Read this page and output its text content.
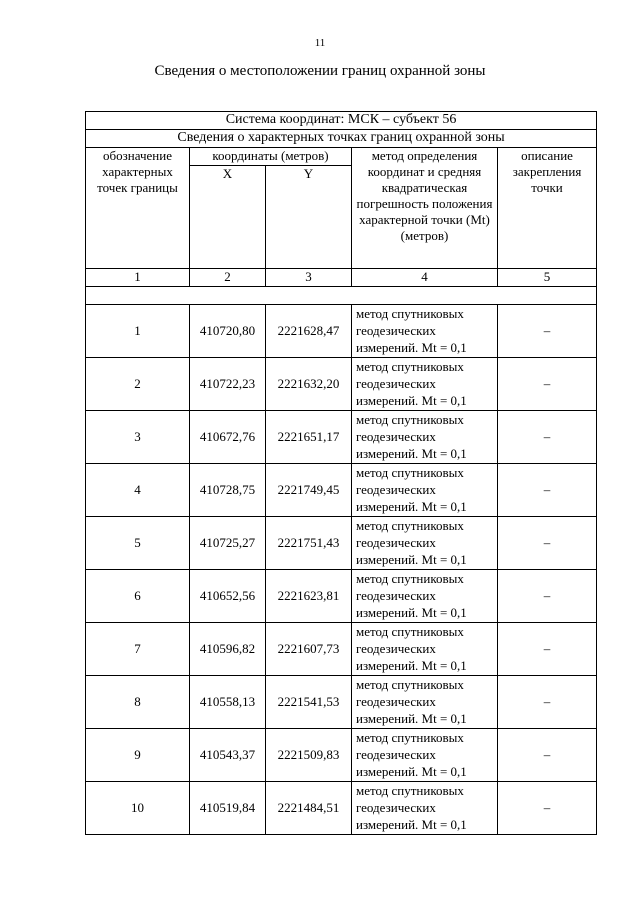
11
Сведения о местоположении границ охранной зоны
Система координат: МСК – субъект 56				
Сведения о характерных точках границ охранной зоны				
обозначение характерных точек границы	координаты (метров)		метод определения координат и средняя квадратическая погрешность положения характерной точки (Mt) (метров)	описание закрепления точки
	X	Y		
1	2	3	4	5

1	410720,80	2221628,47	метод спутниковых геодезических измерений. Mt = 0,1	–
2	410722,23	2221632,20	метод спутниковых геодезических измерений. Mt = 0,1	–
3	410672,76	2221651,17	метод спутниковых геодезических измерений. Mt = 0,1	–
4	410728,75	2221749,45	метод спутниковых геодезических измерений. Mt = 0,1	–
5	410725,27	2221751,43	метод спутниковых геодезических измерений. Mt = 0,1	–
6	410652,56	2221623,81	метод спутниковых геодезических измерений. Mt = 0,1	–
7	410596,82	2221607,73	метод спутниковых геодезических измерений. Mt = 0,1	–
8	410558,13	2221541,53	метод спутниковых геодезических измерений. Mt = 0,1	–
9	410543,37	2221509,83	метод спутниковых геодезических измерений. Mt = 0,1	–
10	410519,84	2221484,51	метод спутниковых геодезических измерений. Mt = 0,1	–
